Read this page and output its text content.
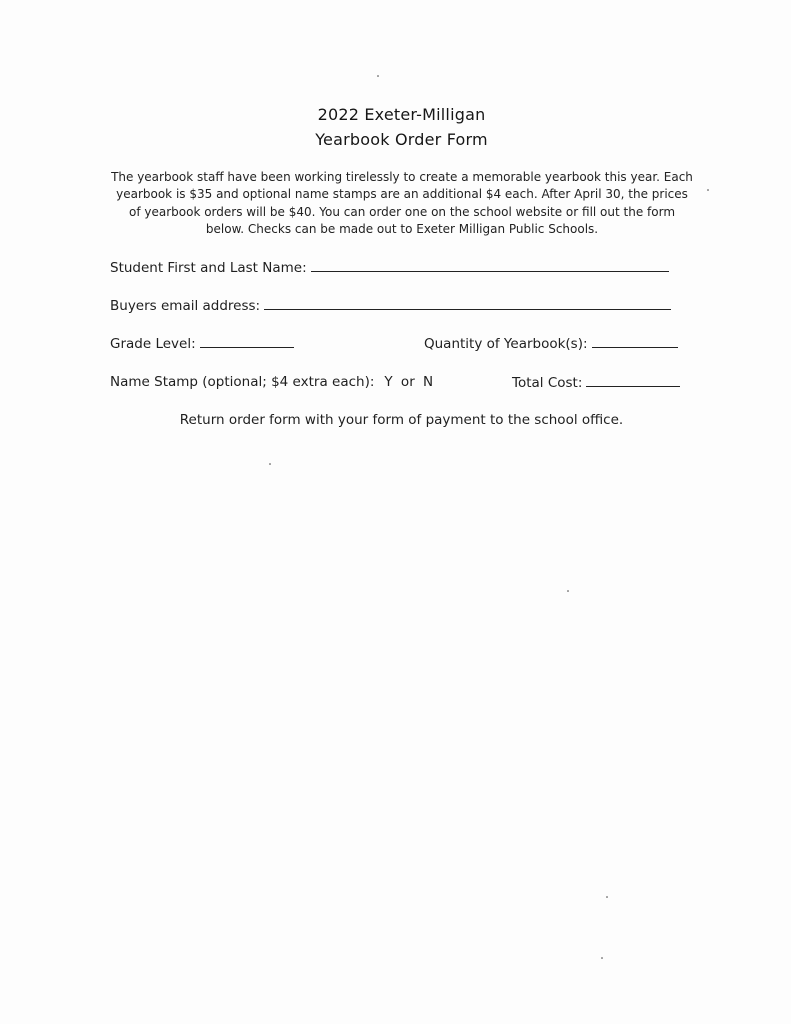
2022 Exeter-Milligan
Yearbook Order Form
The yearbook staff have been working tirelessly to create a memorable yearbook this year. Each yearbook is $35 and optional name stamps are an additional $4 each. After April 30, the prices of yearbook orders will be $40. You can order one on the school website or fill out the form below. Checks can be made out to Exeter Milligan Public Schools.
Student First and Last Name:
Buyers email address:
Grade Level:	Quantity of Yearbook(s):
Name Stamp (optional; $4 extra each): Y or N	Total Cost:
Return order form with your form of payment to the school office.
